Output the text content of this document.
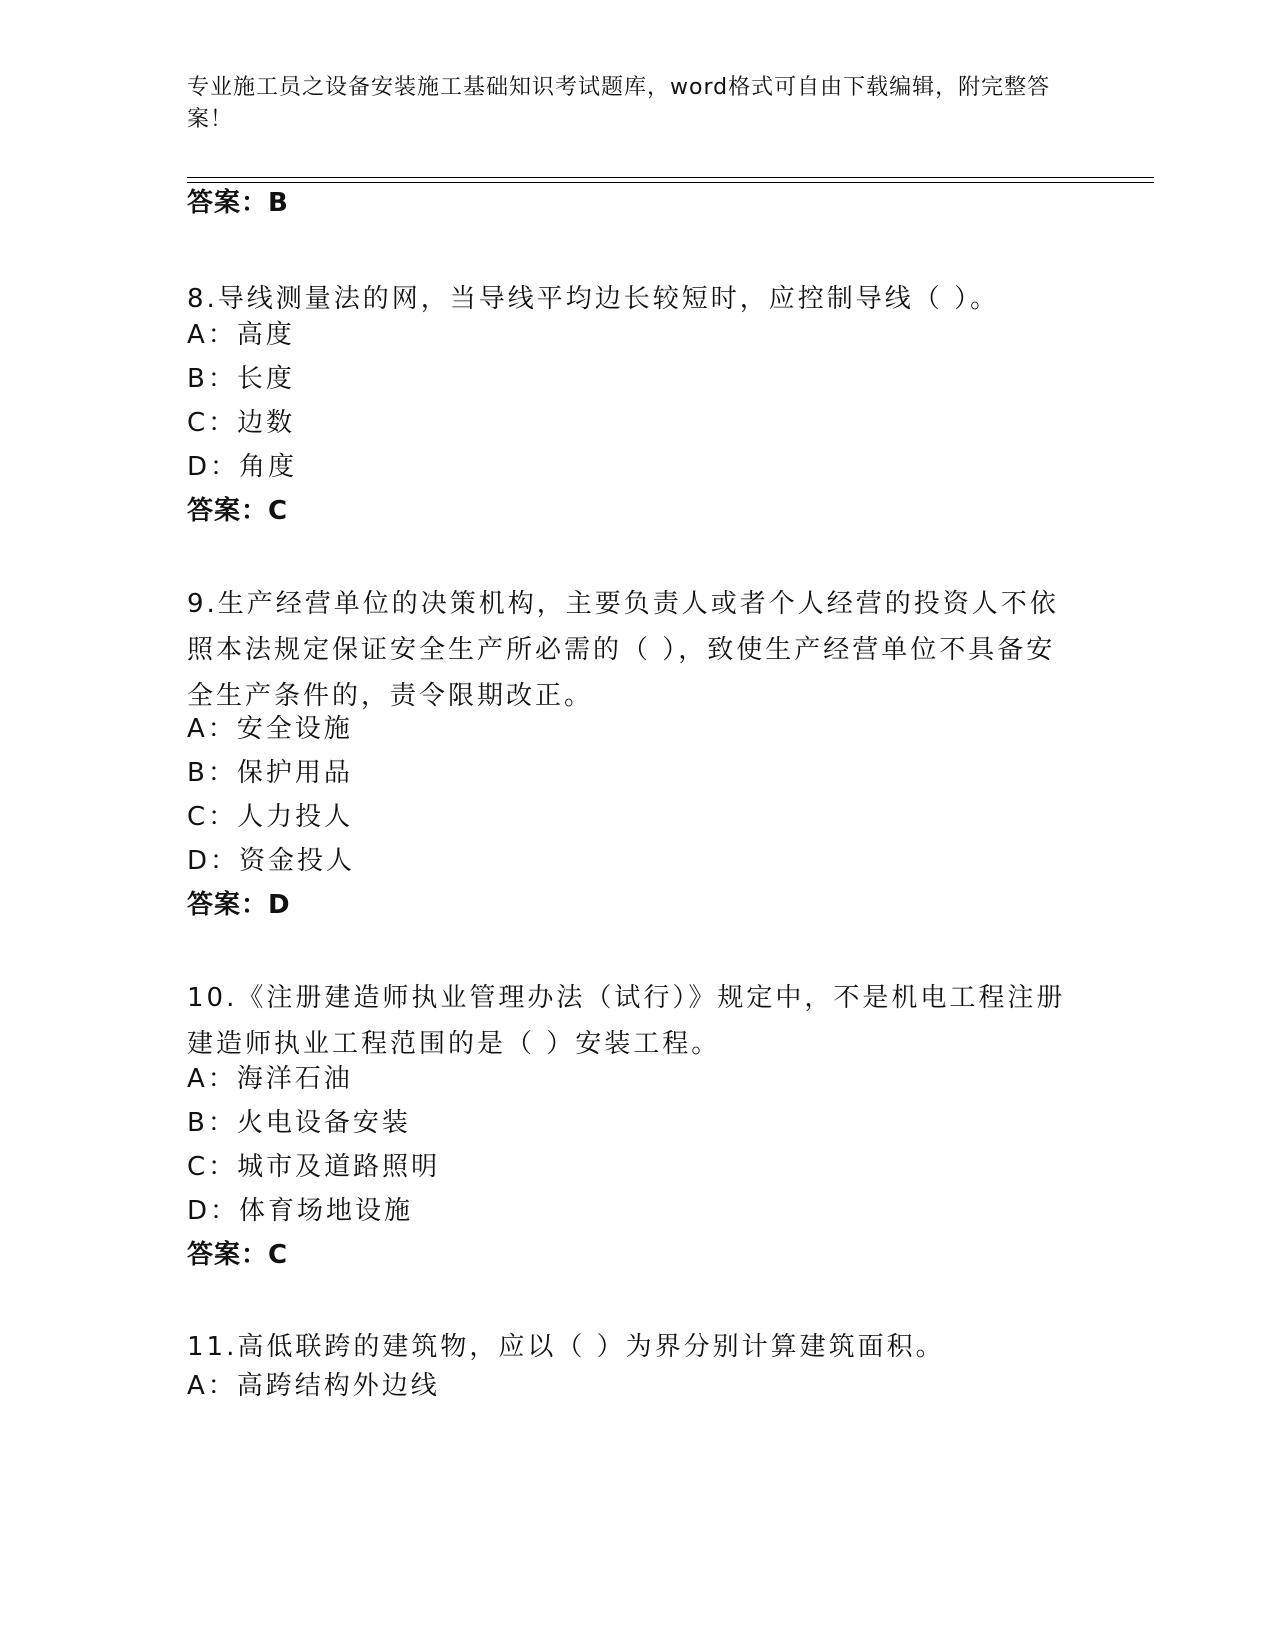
专业施工员之设备安装施工基础知识考试题库，word格式可自由下载编辑，附完整答案！
答案：B
8.导线测量法的网，当导线平均边长较短时，应控制导线（ ）。
A：高度
B：长度
C：边数
D：角度
答案：C
9.生产经营单位的决策机构，主要负责人或者个人经营的投资人不依照本法规定保证安全生产所必需的（ ），致使生产经营单位不具备安全生产条件的，责令限期改正。
A：安全设施
B：保护用品
C：人力投人
D：资金投人
答案：D
10.《注册建造师执业管理办法（试行）》规定中，不是机电工程注册建造师执业工程范围的是（ ）安装工程。
A：海洋石油
B：火电设备安装
C：城市及道路照明
D：体育场地设施
答案：C
11.高低联跨的建筑物，应以（ ）为界分别计算建筑面积。
A：高跨结构外边线
